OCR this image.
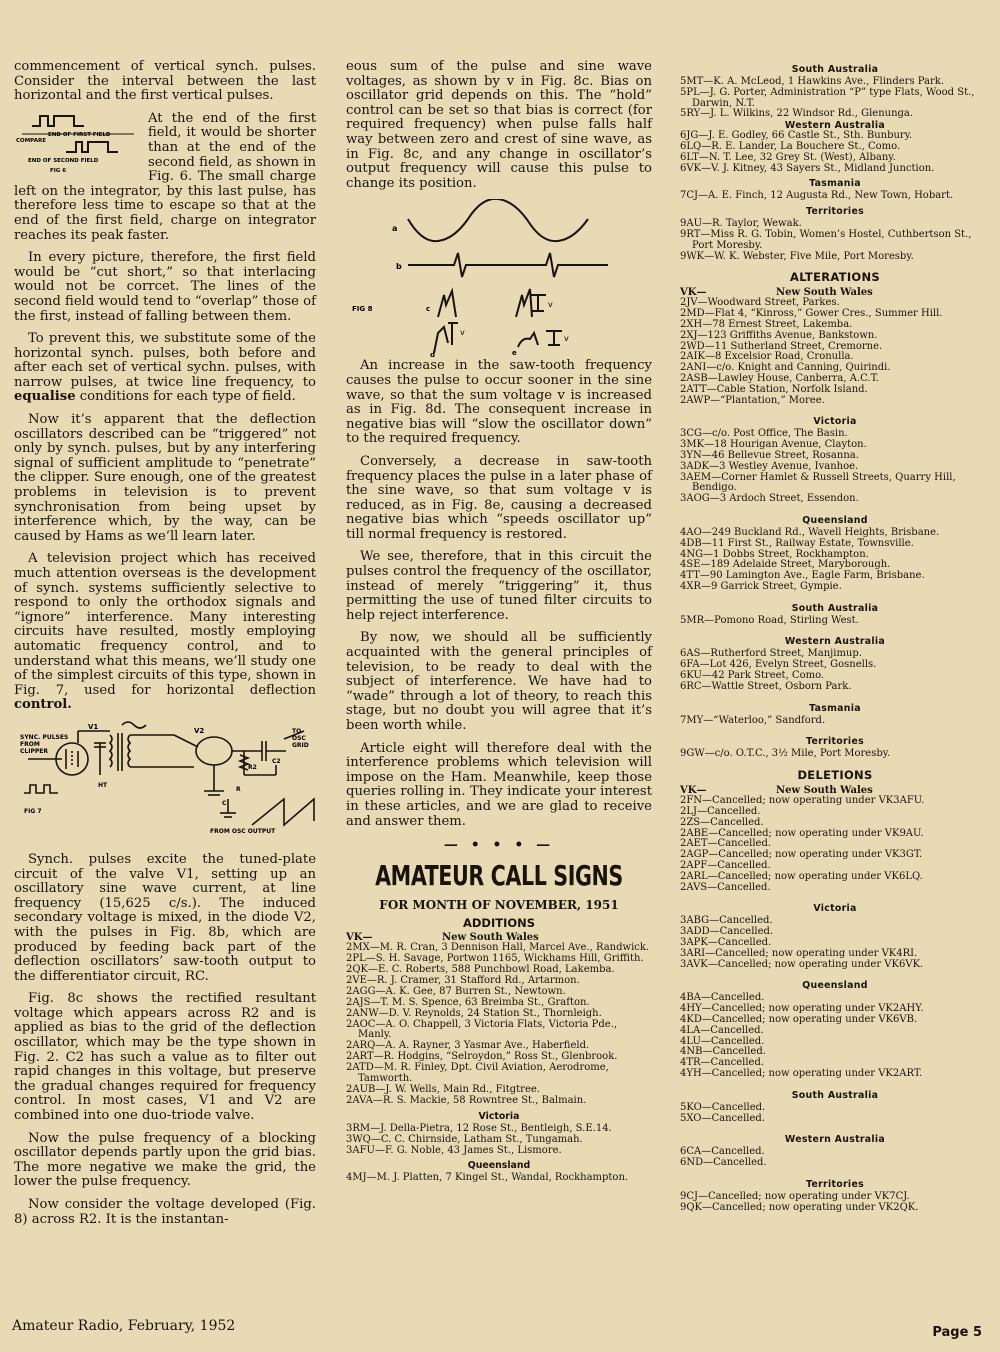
commencement of vertical synch. pulses. Consider the interval between the last horizontal and the first vertical pulses.

END OF FIRST FIELD
COMPARE
END OF SECOND FIELD
FIG 6

At the end of the first field, it would be shorter than at the end of the second field, as shown in Fig. 6. The small charge left on the integrator, by this last pulse, has therefore less time to escape so that at the end of the first field, charge on integrator reaches its peak faster.

In every picture, therefore, the first field would be “cut short,” so that interlacing would not be corrcet. The lines of the second field would tend to “overlap” those of the first, instead of falling between them.

To prevent this, we substitute some of the horizontal synch. pulses, both before and after each set of vertical sychn. pulses, with narrow pulses, at twice line frequency, to equalise conditions for each type of field.

Now it’s apparent that the deflection oscillators described can be “triggered” not only by synch. pulses, but by any interfering signal of sufficient amplitude to “penetrate” the clipper. Sure enough, one of the greatest problems in television is to prevent synchronisation from being upset by interference which, by the way, can be caused by Hams as we’ll learn later.

A television project which has received much attention overseas is the development of synch. systems sufficiently selective to respond to only the orthodox signals and “ignore” interference. Many interesting circuits have resulted, mostly employing automatic frequency control, and to understand what this means, we’ll study one of the simplest circuits of this type, shown in Fig. 7, used for horizontal deflection control.

SYNC. PULSES
FROM
CLIPPER
V1	V2
HT
R2
R
C
C2
TO
OSC
GRID
FIG 7
FROM OSC OUTPUT

Synch. pulses excite the tuned-plate circuit of the valve V1, setting up an oscillatory sine wave current, at line frequency (15,625 c/s.). The induced secondary voltage is mixed, in the diode V2, with the pulses in Fig. 8b, which are produced by feeding back part of the deflection oscillators’ saw-tooth output to the differentiator circuit, RC.

Fig. 8c shows the rectified resultant voltage which appears across R2 and is applied as bias to the grid of the deflection oscillator, which may be the type shown in Fig. 2. C2 has such a value as to filter out rapid changes in this voltage, but preserve the gradual changes required for frequency control. In most cases, V1 and V2 are combined into one duo-triode valve.

Now the pulse frequency of a blocking oscillator depends partly upon the grid bias. The more negative we make the grid, the lower the pulse frequency.

Now consider the voltage developed (Fig. 8) across R2. It is the instantan-

eous sum of the pulse and sine wave voltages, as shown by v in Fig. 8c. Bias on oscillator grid depends on this. The “hold” control can be set so that bias is correct (for required frequency) when pulse falls half way between zero and crest of sine wave, as in Fig. 8c, and any change in oscillator’s output frequency will cause this pulse to change its position.

a
b
FIG 8	c	v
d
v
e
v

An increase in the saw-tooth frequency causes the pulse to occur sooner in the sine wave, so that the sum voltage v is increased as in Fig. 8d. The consequent increase in negative bias will “slow the oscillator down” to the required frequency.

Conversely, a decrease in saw-tooth frequency places the pulse in a later phase of the sine wave, so that sum voltage v is reduced, as in Fig. 8e, causing a decreased negative bias which “speeds oscillator up” till normal frequency is restored.

We see, therefore, that in this circuit the pulses control the frequency of the oscillator, instead of merely “triggering” it, thus permitting the use of tuned filter circuits to help reject interference.

By now, we should all be sufficiently acquainted with the general principles of television, to be ready to deal with the subject of interference. We have had to “wade” through a lot of theory, to reach this stage, but no doubt you will agree that it’s been worth while.

Article eight will therefore deal with the interference problems which television will impose on the Ham. Meanwhile, keep those queries rolling in. They indicate your interest in these articles, and we are glad to receive and answer them.

— • • • —
AMATEUR CALL SIGNS
FOR MONTH OF NOVEMBER, 1951
ADDITIONS
VK—	New South Wales
2MX—M. R. Cran, 3 Dennison Hall, Marcel Ave., Randwick.
2PL—S. H. Savage, Portwon 1165, Wickhams Hill, Griffith.
2QK—E. C. Roberts, 588 Punchbowl Road, Lakemba.
2VE—R. J. Cramer, 31 Stafford Rd., Artarmon.
2AGG—A. K. Gee, 87 Burren St., Newtown.
2AJS—T. M. S. Spence, 63 Breimba St., Grafton.
2ANW—D. V. Reynolds, 24 Station St., Thornleigh.
2AOC—A. O. Chappell, 3 Victoria Flats, Victoria Pde., Manly.
2ARQ—A. A. Rayner, 3 Yasmar Ave., Haberfield.
2ART—R. Hodgins, “Selroydon,” Ross St., Glenbrook.
2ATD—M. R. Finley, Dpt. Civil Aviation, Aerodrome, Tamworth.
2AUB—J. W. Wells, Main Rd., Fitgtree.
2AVA—R. S. Mackie, 58 Rowntree St., Balmain.
Victoria
3RM—J. Della-Pietra, 12 Rose St., Bentleigh, S.E.14.
3WQ—C. C. Chirnside, Latham St., Tungamah.
3AFU—F. G. Noble, 43 James St., Lismore.
Queensland
4MJ—M. J. Platten, 7 Kingel St., Wandal, Rockhampton.
South Australia
5MT—K. A. McLeod, 1 Hawkins Ave., Flinders Park.
5PL—J. G. Porter, Administration “P” type Flats, Wood St., Darwin, N.T.
5RY—J. L. Wilkins, 22 Windsor Rd., Glenunga.
Western Australia
6JG—J. E. Godley, 66 Castle St., Sth. Bunbury.
6LQ—R. E. Lander, La Bouchere St., Como.
6LT—N. T. Lee, 32 Grey St. (West), Albany.
6VK—V. J. Kitney, 43 Sayers St., Midland Junction.
Tasmania
7CJ—A. E. Finch, 12 Augusta Rd., New Town, Hobart.
Territories
9AU—R. Taylor, Wewak.
9RT—Miss R. G. Tobin, Women’s Hostel, Cuthbertson St., Port Moresby.
9WK—W. K. Webster, Five Mile, Port Moresby.
ALTERATIONS
VK—	New South Wales
2JV—Woodward Street, Parkes.
2MD—Flat 4, “Kinross,” Gower Cres., Summer Hill.
2XH—78 Ernest Street, Lakemba.
2XJ—123 Griffiths Avenue, Bankstown.
2WD—11 Sutherland Street, Cremorne.
2AIK—8 Excelsior Road, Cronulla.
2ANI—c/o. Knight and Canning, Quirindi.
2ASB—Lawley House, Canberra, A.C.T.
2ATT—Cable Station, Norfolk Island.
2AWP—“Plantation,” Moree.
Victoria
3CG—c/o. Post Office, The Basin.
3MK—18 Hourigan Avenue, Clayton.
3YN—46 Bellevue Street, Rosanna.
3ADK—3 Westley Avenue, Ivanhoe.
3AEM—Corner Hamlet & Russell Streets, Quarry Hill, Bendigo.
3AOG—3 Ardoch Street, Essendon.
Queensland
4AO—249 Buckland Rd., Wavell Heights, Brisbane.
4DB—11 First St., Railway Estate, Townsville.
4NG—1 Dobbs Street, Rockhampton.
4SE—189 Adelaide Street, Maryborough.
4TT—90 Lamington Ave., Eagle Farm, Brisbane.
4XR—9 Garrick Street, Gympie.
South Australia
5MR—Pomono Road, Stirling West.
Western Australia
6AS—Rutherford Street, Manjimup.
6FA—Lot 426, Evelyn Street, Gosnells.
6KU—42 Park Street, Como.
6RC—Wattle Street, Osborn Park.
Tasmania
7MY—“Waterloo,” Sandford.
Territories
9GW—c/o. O.T.C., 3½ Mile, Port Moresby.
DELETIONS
VK—	New South Wales
2FN—Cancelled; now operating under VK3AFU.
2LJ—Cancelled.
2ZS—Cancelled.
2ABE—Cancelled; now operating under VK9AU.
2AET—Cancelled.
2AGP—Cancelled; now operating under VK3GT.
2APF—Cancelled.
2ARL—Cancelled; now operating under VK6LQ.
2AVS—Cancelled.
Victoria
3ABG—Cancelled.
3ADD—Cancelled.
3APK—Cancelled.
3ARI—Cancelled; now operating under VK4RI.
3AVK—Cancelled; now operating under VK6VK.
Queensland
4BA—Cancelled.
4HY—Cancelled; now operating under VK2AHY.
4KD—Cancelled; now operating under VK6VB.
4LA—Cancelled.
4LU—Cancelled.
4NB—Cancelled.
4TR—Cancelled.
4YH—Cancelled; now operating under VK2ART.
South Australia
5KO—Cancelled.
5XO—Cancelled.
Western Australia
6CA—Cancelled.
6ND—Cancelled.
Territories
9CJ—Cancelled; now operating under VK7CJ.
9QK—Cancelled; now operating under VK2QK.
Amateur Radio, February, 1952	Page 5
